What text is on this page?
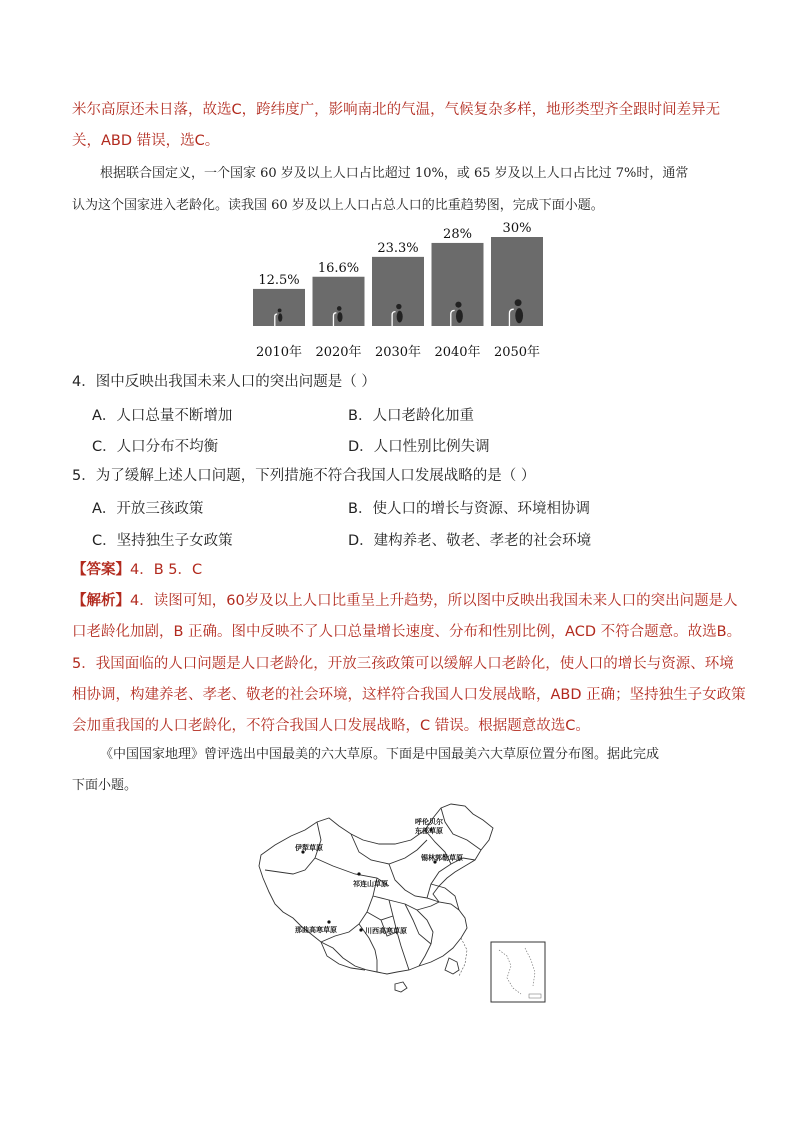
米尔高原还未日落，故选C，跨纬度广，影响南北的气温，气候复杂多样，地形类型齐全跟时间差异无
关，ABD 错误，选C。
根据联合国定义，一个国家 60 岁及以上人口占比超过 10%，或 65 岁及以上人口占比过 7%时，通常
认为这个国家进入老龄化。读我国 60 岁及以上人口占总人口的比重趋势图，完成下面小题。
12.5%
2010年
16.6%
2020年
23.3%
2030年
28%
2040年
30%
2050年
4．图中反映出我国未来人口的突出问题是（ ）
A．人口总量不断增加	B．人口老龄化加重
C．人口分布不均衡	D．人口性别比例失调
5．为了缓解上述人口问题，下列措施不符合我国人口发展战略的是（ ）
A．开放三孩政策	B．使人口的增长与资源、环境相协调
C．坚持独生子女政策	D．建构养老、敬老、孝老的社会环境
【答案】4．B 5．C
【解析】4．读图可知，60岁及以上人口比重呈上升趋势，所以图中反映出我国未来人口的突出问题是人
口老龄化加剧，B 正确。图中反映不了人口总量增长速度、分布和性别比例，ACD 不符合题意。故选B。
5．我国面临的人口问题是人口老龄化，开放三孩政策可以缓解人口老龄化，使人口的增长与资源、环境
相协调，构建养老、孝老、敬老的社会环境，这样符合我国人口发展战略，ABD 正确；坚持独生子女政策
会加重我国的人口老龄化，不符合我国人口发展战略，C 错误。根据题意故选C。
《中国国家地理》曾评选出中国最美的六大草原。下面是中国最美六大草原位置分布图。据此完成
下面小题。
呼伦贝尔
东部草原
锡林郭勒草原
伊犁草原
祁连山草原
那曲高寒草原	川西高寒草原
